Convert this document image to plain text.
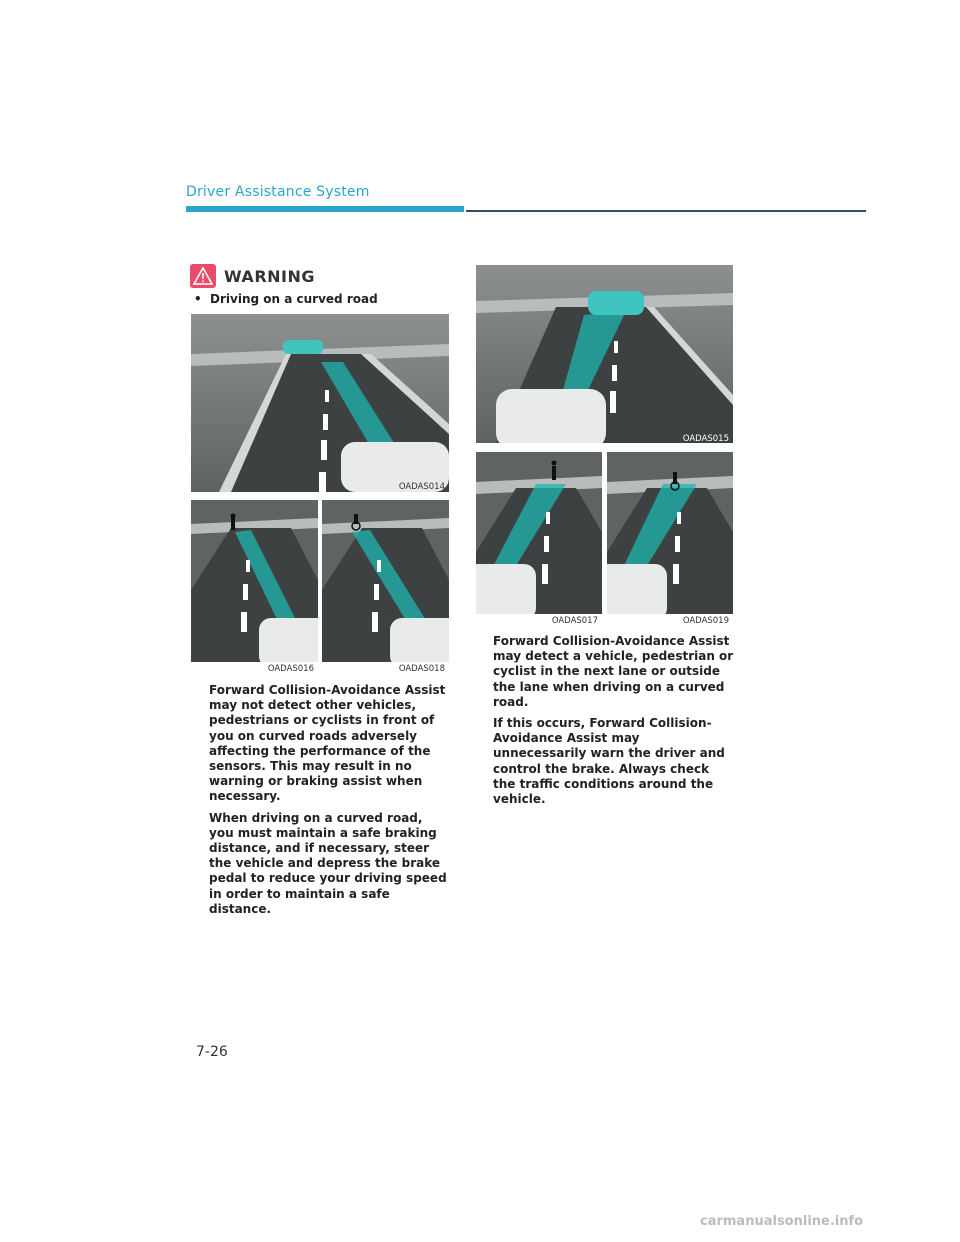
Driver Assistance System
WARNING
•  Driving on a curved road
OADAS014
OADAS016	OADAS018
OADAS015
OADAS017	OADAS019

Forward Collision-Avoidance Assist may not detect other vehicles, pedestrians or cyclists in front of you on curved roads adversely affecting the performance of the sensors. This may result in no warning or braking assist when necessary.

When driving on a curved road, you must maintain a safe braking distance, and if necessary, steer the vehicle and depress the brake pedal to reduce your driving speed in order to maintain a safe distance.

Forward Collision-Avoidance Assist may detect a vehicle, pedestrian or cyclist in the next lane or outside the lane when driving on a curved road.

If this occurs, Forward Collision-Avoidance Assist may unnecessarily warn the driver and control the brake. Always check the traffic conditions around the vehicle.

7-26
carmanualsonline.info
